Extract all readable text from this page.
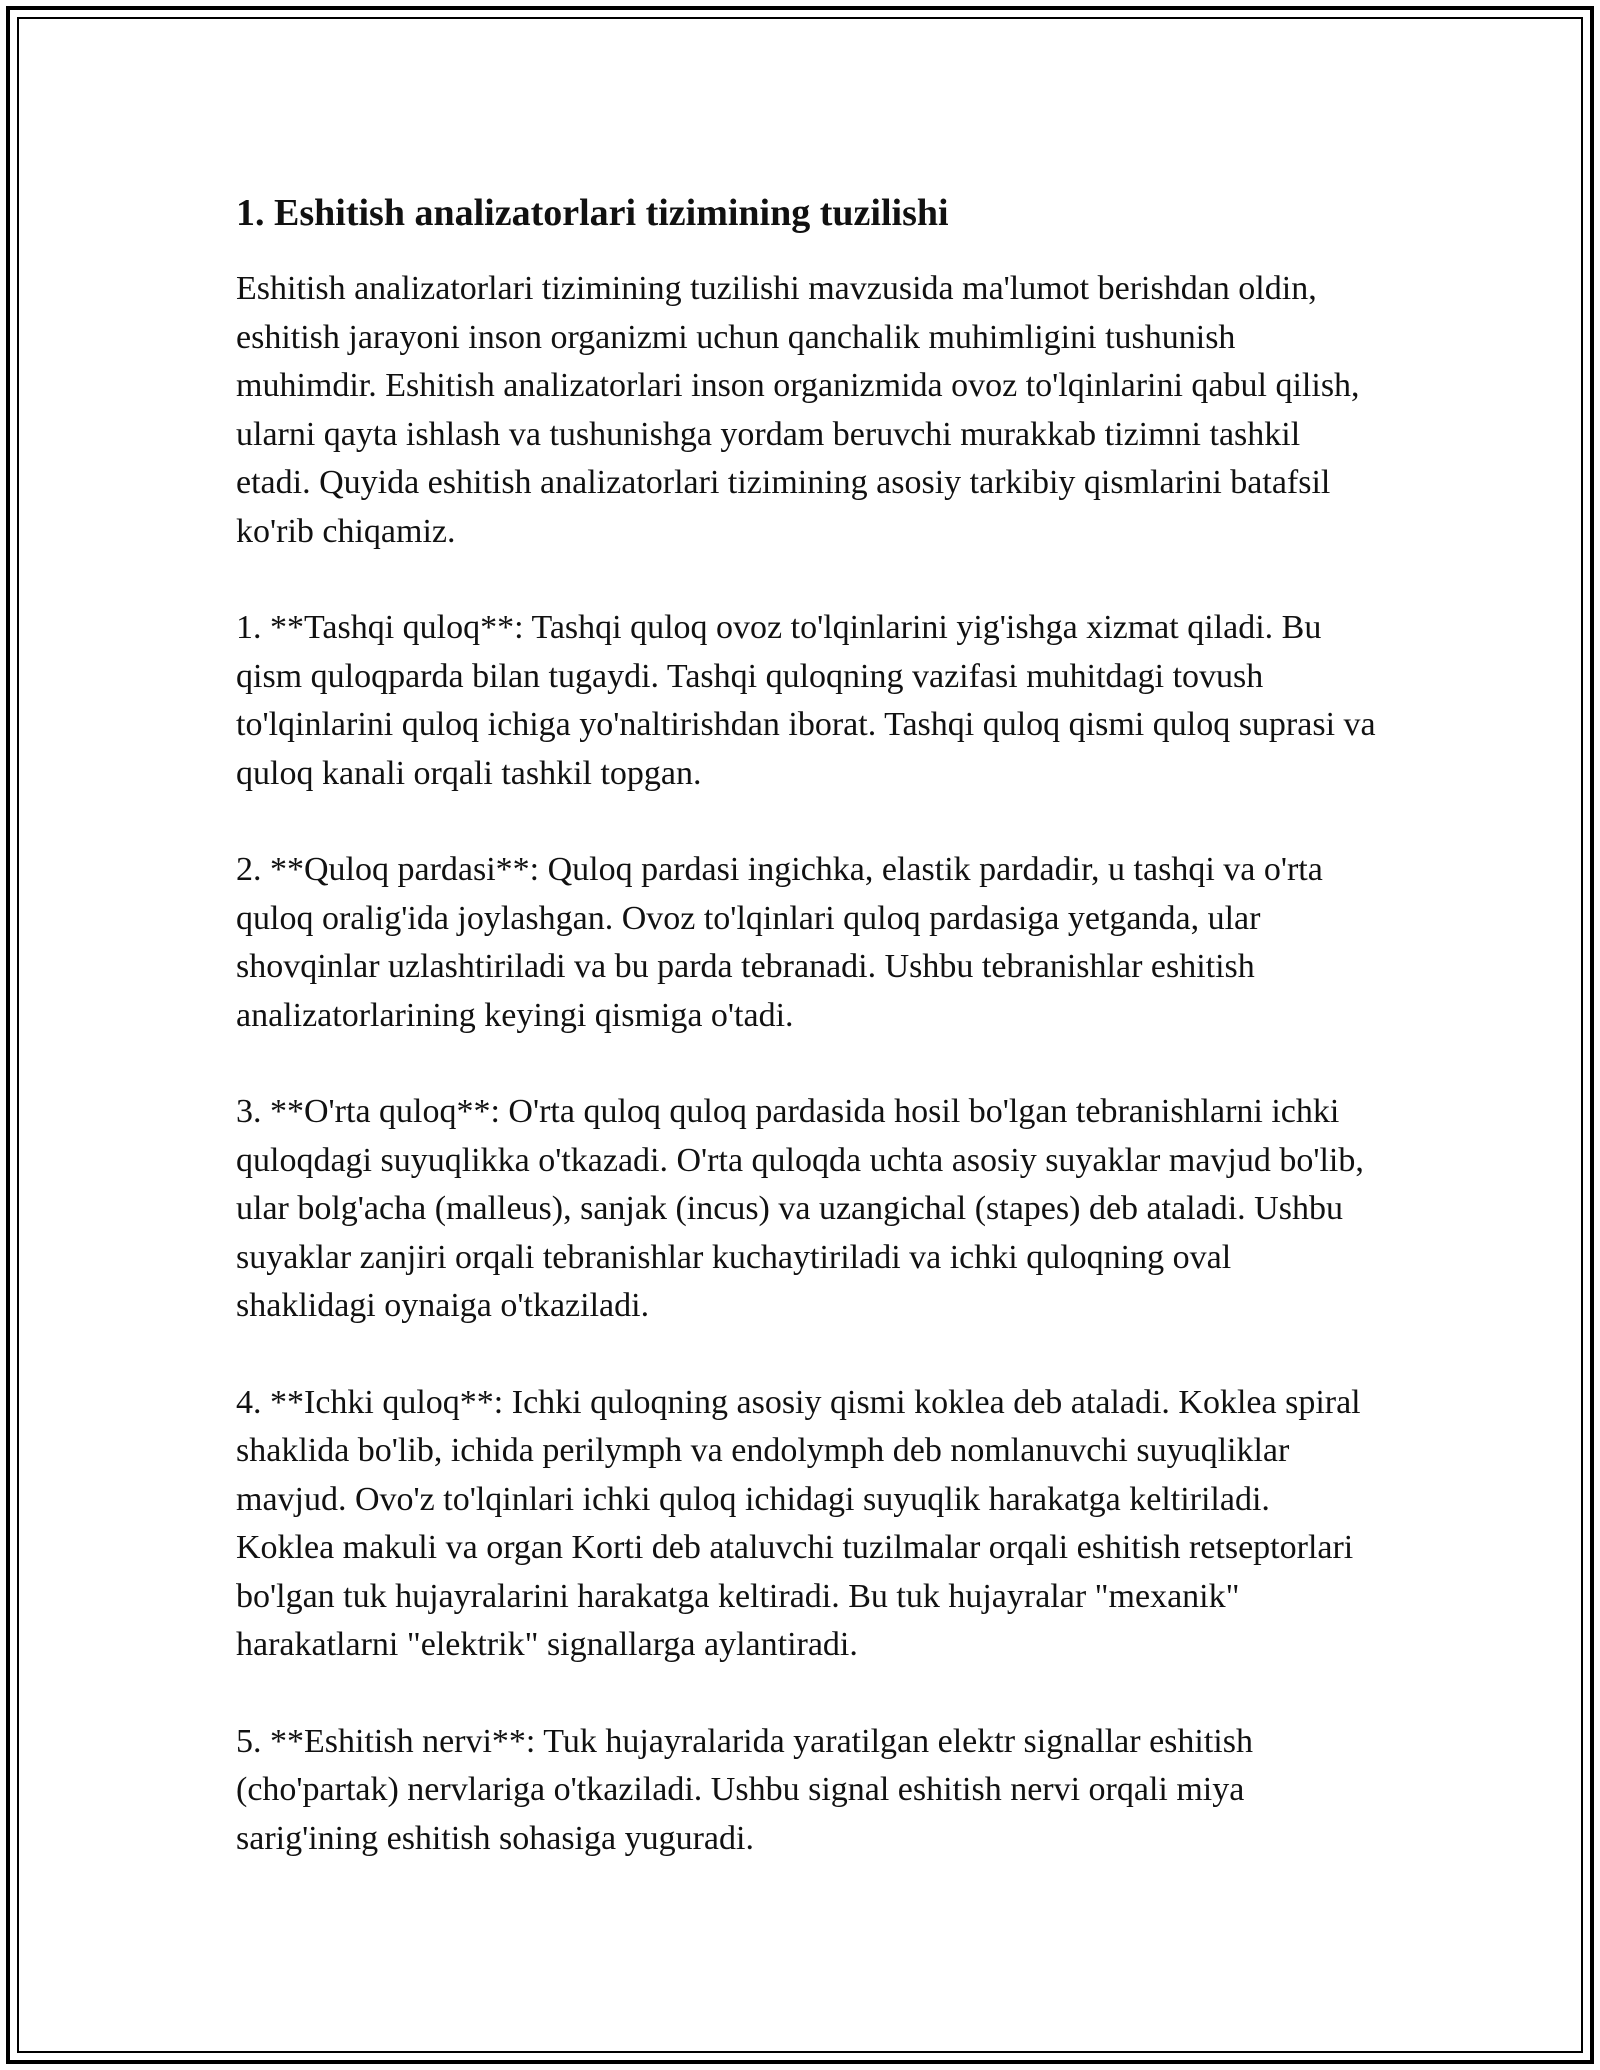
1. Eshitish analizatorlari tizimining tuzilishi

Eshitish analizatorlari tizimining tuzilishi mavzusida ma'lumot berishdan oldin, eshitish jarayoni inson organizmi uchun qanchalik muhimligini tushunish muhimdir. Eshitish analizatorlari inson organizmida ovoz to'lqinlarini qabul qilish, ularni qayta ishlash va tushunishga yordam beruvchi murakkab tizimni tashkil etadi. Quyida eshitish analizatorlari tizimining asosiy tarkibiy qismlarini batafsil ko'rib chiqamiz.

1. **Tashqi quloq**: Tashqi quloq ovoz to'lqinlarini yig'ishga xizmat qiladi. Bu qism quloqparda bilan tugaydi. Tashqi quloqning vazifasi muhitdagi tovush to'lqinlarini quloq ichiga yo'naltirishdan iborat. Tashqi quloq qismi quloq suprasi va quloq kanali orqali tashkil topgan.

2. **Quloq pardasi**: Quloq pardasi ingichka, elastik pardadir, u tashqi va o'rta quloq oralig'ida joylashgan. Ovoz to'lqinlari quloq pardasiga yetganda, ular shovqinlar uzlashtiriladi va bu parda tebranadi. Ushbu tebranishlar eshitish analizatorlarining keyingi qismiga o'tadi.

3. **O'rta quloq**: O'rta quloq quloq pardasida hosil bo'lgan tebranishlarni ichki quloqdagi suyuqlikka o'tkazadi. O'rta quloqda uchta asosiy suyaklar mavjud bo'lib, ular bolg'acha (malleus), sanjak (incus) va uzangichal (stapes) deb ataladi. Ushbu suyaklar zanjiri orqali tebranishlar kuchaytiriladi va ichki quloqning oval shaklidagi oynaiga o'tkaziladi.

4. **Ichki quloq**: Ichki quloqning asosiy qismi koklea deb ataladi. Koklea spiral shaklida bo'lib, ichida perilymph va endolymph deb nomlanuvchi suyuqliklar mavjud. Ovo'z to'lqinlari ichki quloq ichidagi suyuqlik harakatga keltiriladi. Koklea makuli va organ Korti deb ataluvchi tuzilmalar orqali eshitish retseptorlari bo'lgan tuk hujayralarini harakatga keltiradi. Bu tuk hujayralar "mexanik" harakatlarni "elektrik" signallarga aylantiradi.

5. **Eshitish nervi**: Tuk hujayralarida yaratilgan elektr signallar eshitish (cho'partak) nervlariga o'tkaziladi. Ushbu signal eshitish nervi orqali miya sarig'ining eshitish sohasiga yuguradi.
